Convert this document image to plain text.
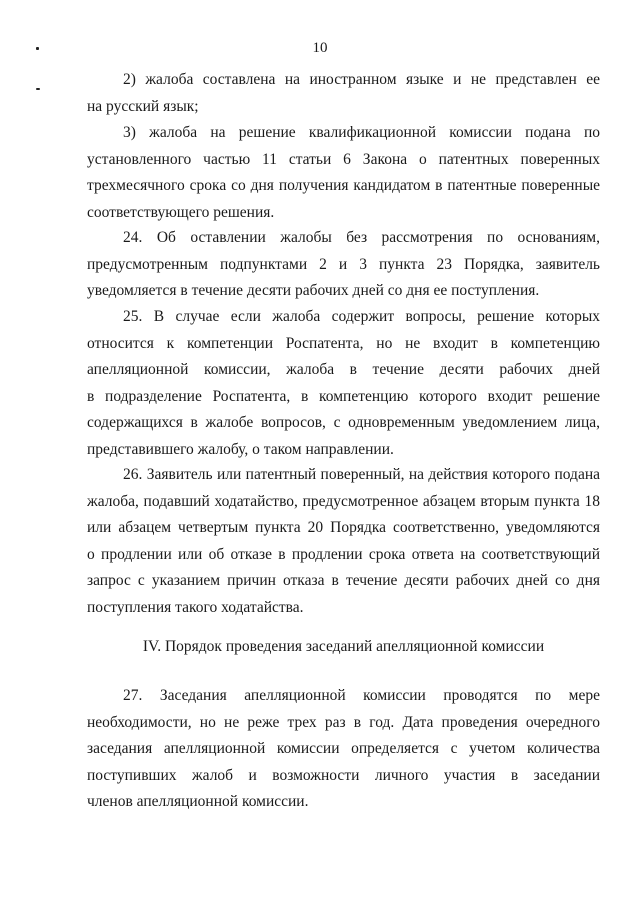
10
2) жалоба составлена на иностранном языке и не представлен ее
на русский язык;
3) жалоба на решение квалификационной комиссии подана по
установленного частью 11 статьи 6 Закона о патентных поверенных
трехмесячного срока со дня получения кандидатом в патентные поверенные
соответствующего решения.
24. Об оставлении жалобы без рассмотрения по основаниям,
предусмотренным подпунктами 2 и 3 пункта 23 Порядка, заявитель
уведомляется в течение десяти рабочих дней со дня ее поступления.
25. В случае если жалоба содержит вопросы, решение которых
относится к компетенции Роспатента, но не входит в компетенцию
апелляционной комиссии, жалоба в течение десяти рабочих дней
в подразделение Роспатента, в компетенцию которого входит решение
содержащихся в жалобе вопросов, с одновременным уведомлением лица,
представившего жалобу, о таком направлении.
26. Заявитель или патентный поверенный, на действия которого подана
жалоба, подавший ходатайство, предусмотренное абзацем вторым пункта 18
или абзацем четвертым пункта 20 Порядка соответственно, уведомляются
о продлении или об отказе в продлении срока ответа на соответствующий
запрос с указанием причин отказа в течение десяти рабочих дней со дня
поступления такого ходатайства.
IV. Порядок проведения заседаний апелляционной комиссии
27. Заседания апелляционной комиссии проводятся по мере
необходимости, но не реже трех раз в год. Дата проведения очередного
заседания апелляционной комиссии определяется с учетом количества
поступивших жалоб и возможности личного участия в заседании
членов апелляционной комиссии.
